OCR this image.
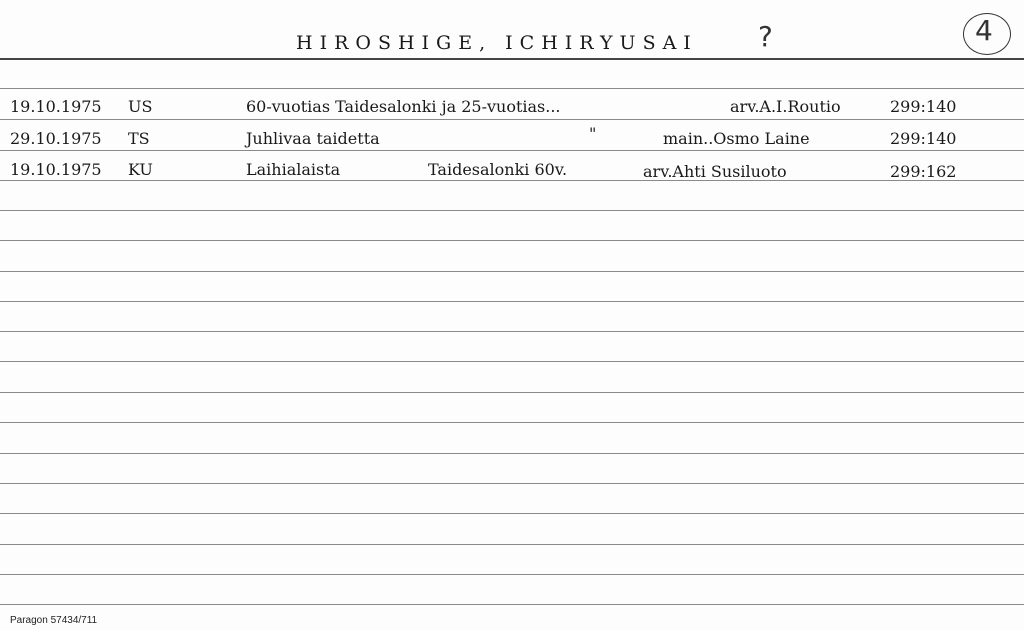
HIROSHIGE, ICHIRYUSAI ?	4
19.10.1975 US	60-vuotias Taidesalonki ja 25-vuotias...	arv.A.I.Routio	299:140
29.10.1975 TS	Juhlivaa taidetta	"	main..Osmo Laine	299:140
19.10.1975 KU	Laihialaista	Taidesalonki 60v.	arv.Ahti Susiluoto	299:162
Paragon 57434/711
